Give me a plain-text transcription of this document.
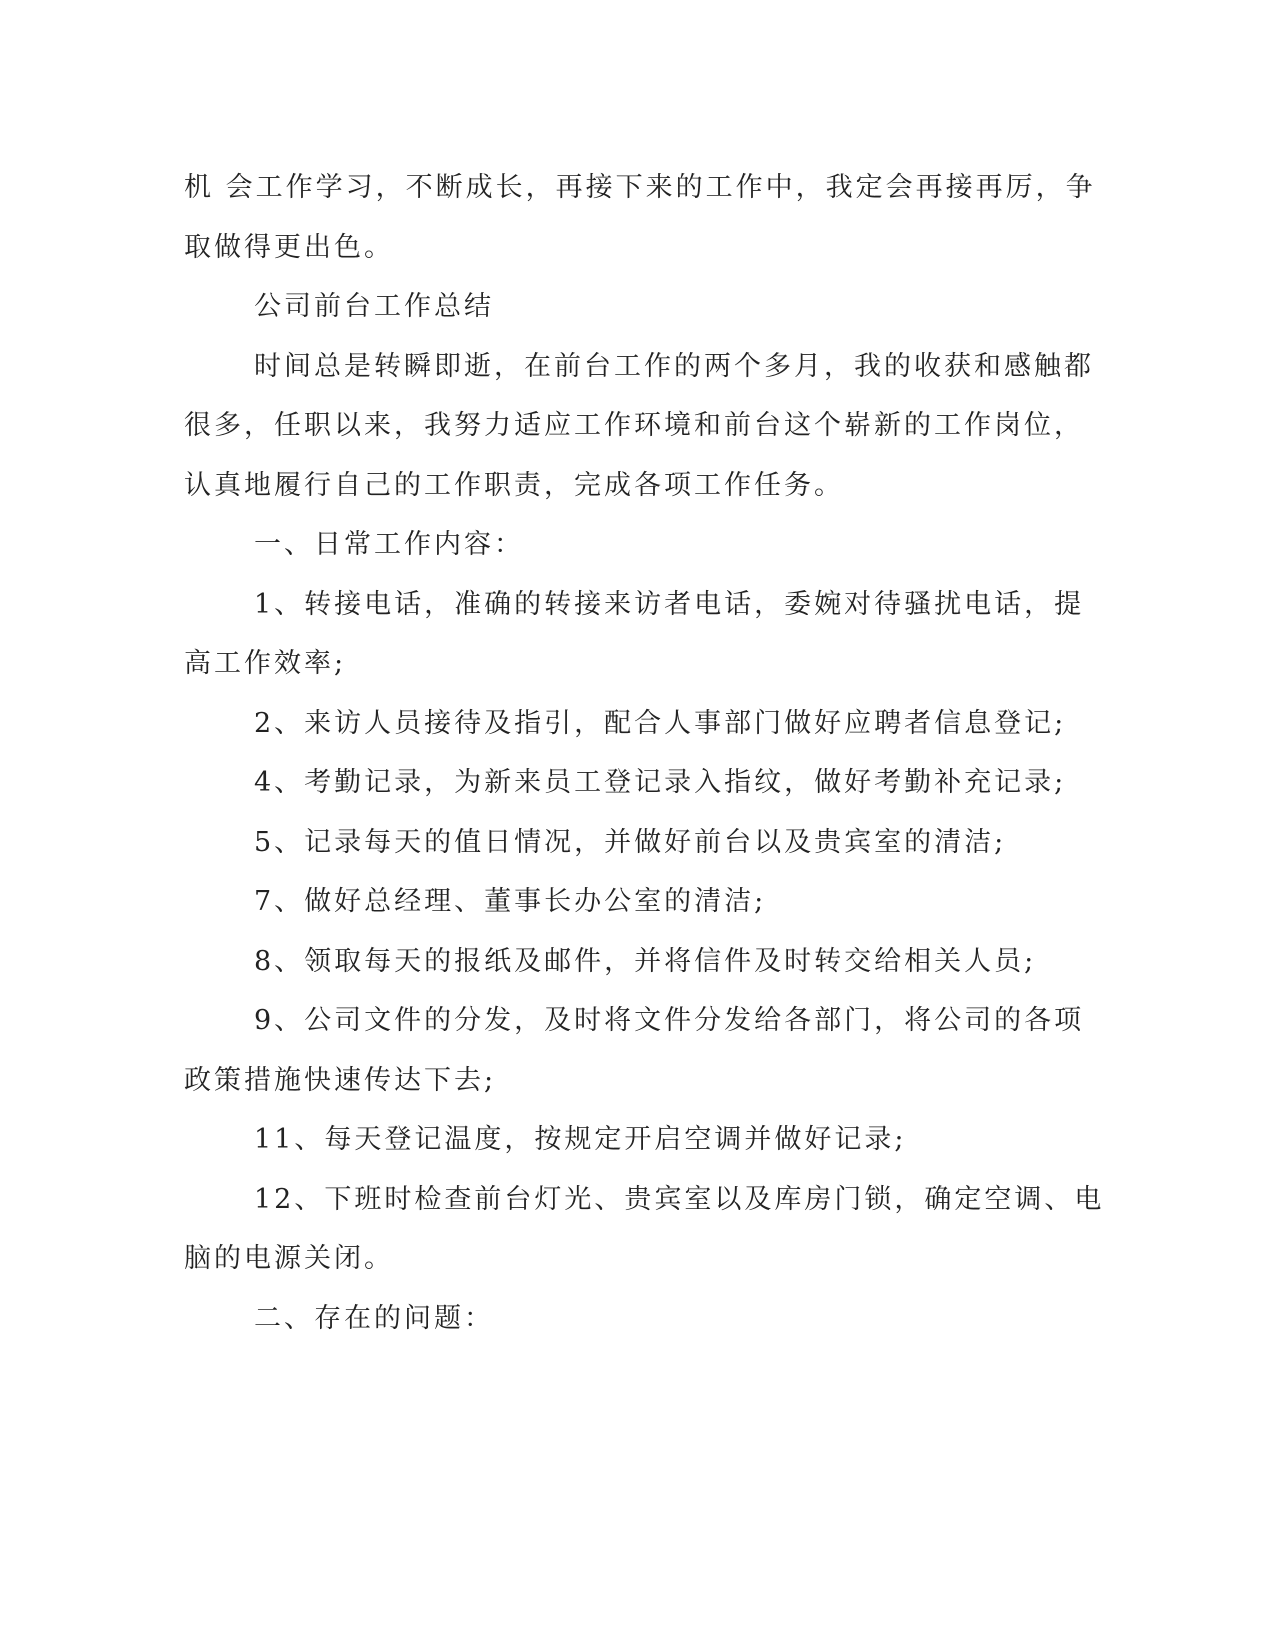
机 会工作学习，不断成长，再接下来的工作中，我定会再接再厉，争

取做得更出色。

公司前台工作总结

时间总是转瞬即逝，在前台工作的两个多月，我的收获和感触都

很多，任职以来，我努力适应工作环境和前台这个崭新的工作岗位，

认真地履行自己的工作职责，完成各项工作任务。

一、日常工作内容：

1、转接电话，准确的转接来访者电话，委婉对待骚扰电话，提

高工作效率;

2、来访人员接待及指引，配合人事部门做好应聘者信息登记;

4、考勤记录，为新来员工登记录入指纹，做好考勤补充记录;

5、记录每天的值日情况，并做好前台以及贵宾室的清洁;

7、做好总经理、董事长办公室的清洁;

8、领取每天的报纸及邮件，并将信件及时转交给相关人员;

9、公司文件的分发，及时将文件分发给各部门，将公司的各项

政策措施快速传达下去;

11、每天登记温度，按规定开启空调并做好记录;

12、下班时检查前台灯光、贵宾室以及库房门锁，确定空调、电

脑的电源关闭。

二、存在的问题：
